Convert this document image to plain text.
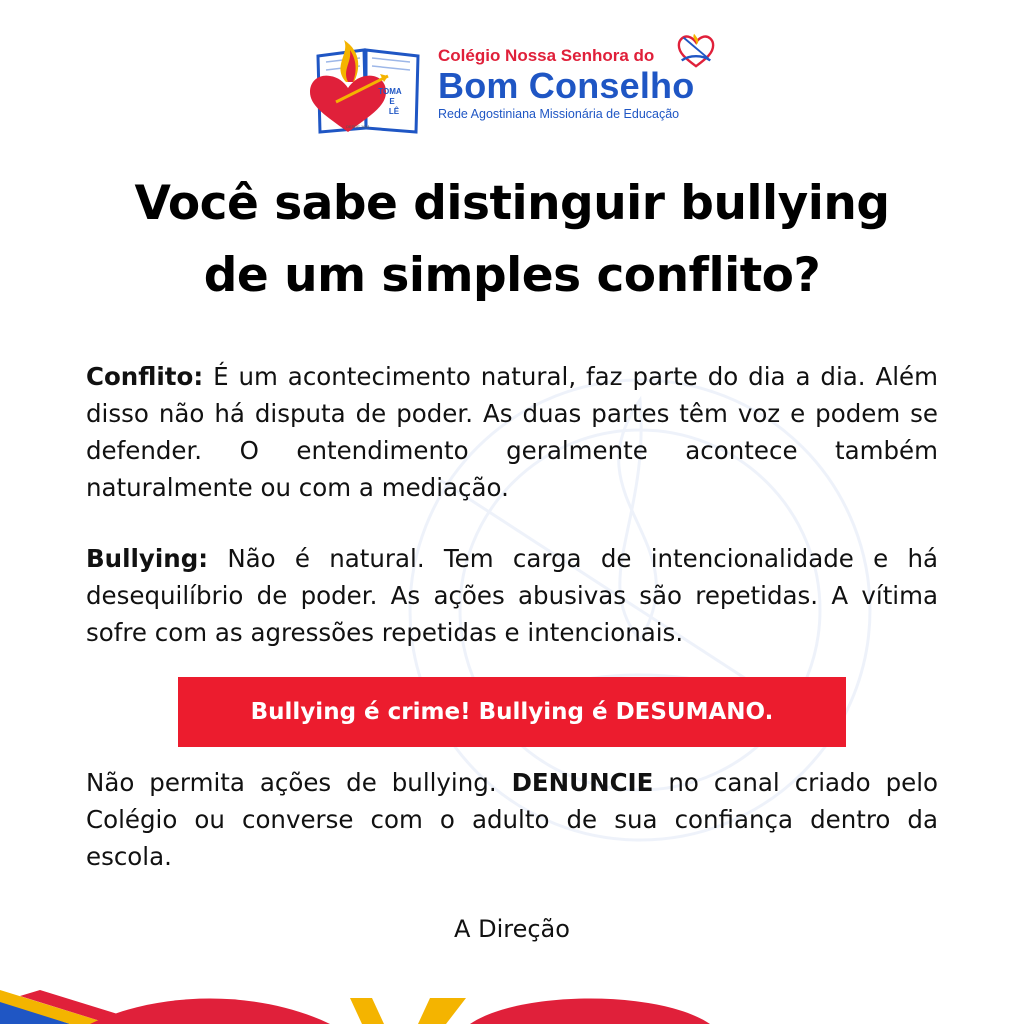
TOMA
E
LÊ
DESDE 1941
Colégio Nossa Senhora do
Bom Conselho
Rede Agostiniana Missionária de Educação
Você sabe distinguir bullying
de um simples conflito?

Conflito: É um acontecimento natural, faz parte do dia a dia. Além disso não há disputa de poder. As duas partes têm voz e podem se defender. O entendimento geralmente acontece também naturalmente ou com a mediação.

Bullying: Não é natural. Tem carga de intencionalidade e há desequilíbrio de poder. As ações abusivas são repetidas. A vítima sofre com as agressões repetidas e intencionais.

Bullying é crime! Bullying é DESUMANO.

Não permita ações de bullying. DENUNCIE no canal criado pelo Colégio ou converse com o adulto de sua confiança dentro da escola.

A Direção
